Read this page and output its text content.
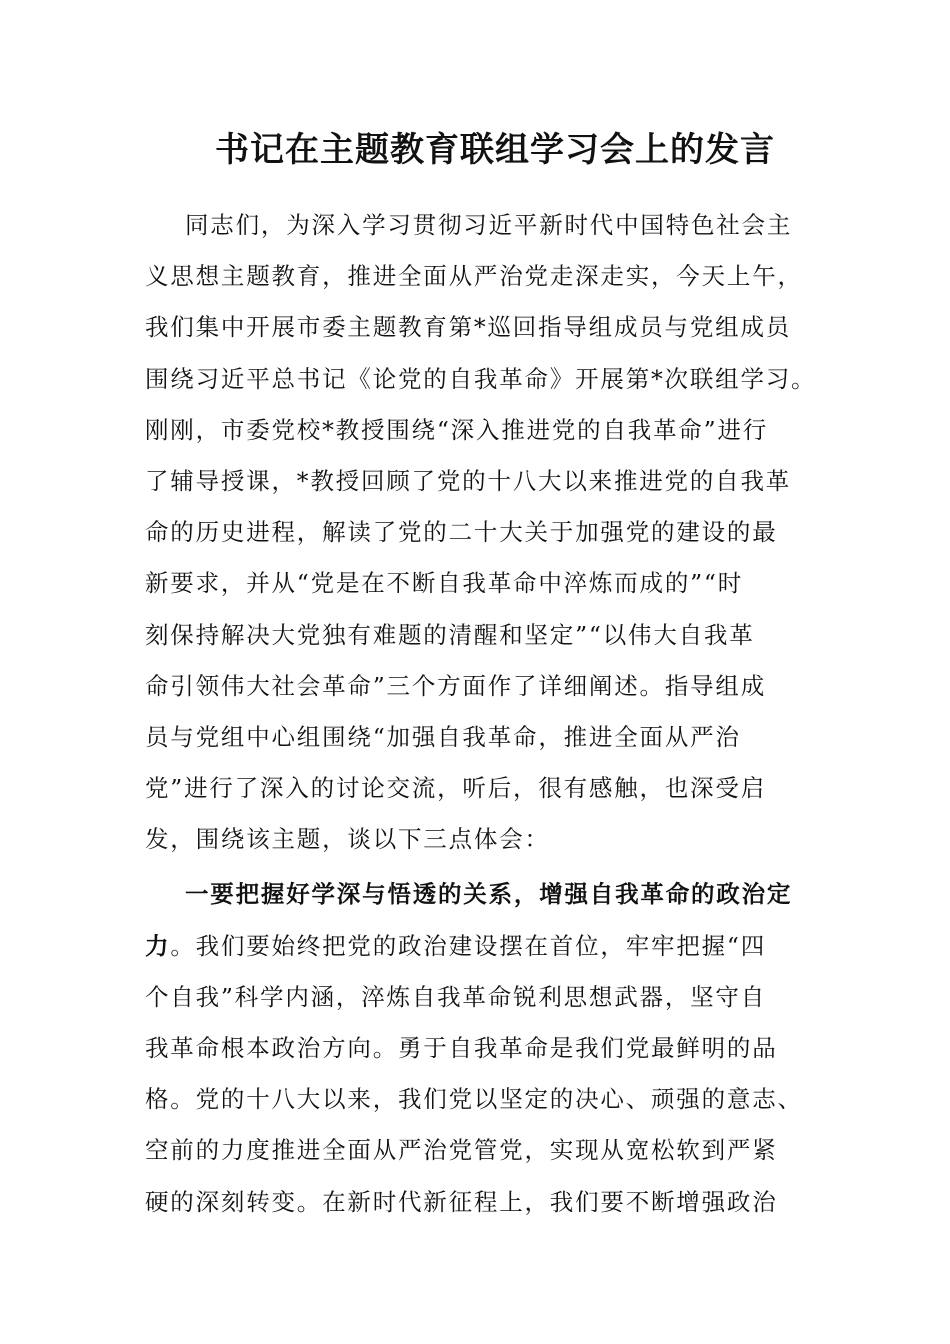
书记在主题教育联组学习会上的发言
同志们，为深入学习贯彻习近平新时代中国特色社会主
义思想主题教育，推进全面从严治党走深走实，今天上午，
我们集中开展市委主题教育第*巡回指导组成员与党组成员
围绕习近平总书记《论党的自我革命》开展第*次联组学习。
刚刚，市委党校*教授围绕“深入推进党的自我革命”进行
了辅导授课，*教授回顾了党的十八大以来推进党的自我革
命的历史进程，解读了党的二十大关于加强党的建设的最
新要求，并从“党是在不断自我革命中淬炼而成的”“时
刻保持解决大党独有难题的清醒和坚定”“以伟大自我革
命引领伟大社会革命”三个方面作了详细阐述。指导组成
员与党组中心组围绕“加强自我革命，推进全面从严治
党”进行了深入的讨论交流，听后，很有感触，也深受启
发，围绕该主题，谈以下三点体会：
一要把握好学深与悟透的关系，增强自我革命的政治定
力。我们要始终把党的政治建设摆在首位，牢牢把握“四
个自我”科学内涵，淬炼自我革命锐利思想武器，坚守自
我革命根本政治方向。勇于自我革命是我们党最鲜明的品
格。党的十八大以来，我们党以坚定的决心、顽强的意志、
空前的力度推进全面从严治党管党，实现从宽松软到严紧
硬的深刻转变。在新时代新征程上，我们要不断增强政治
